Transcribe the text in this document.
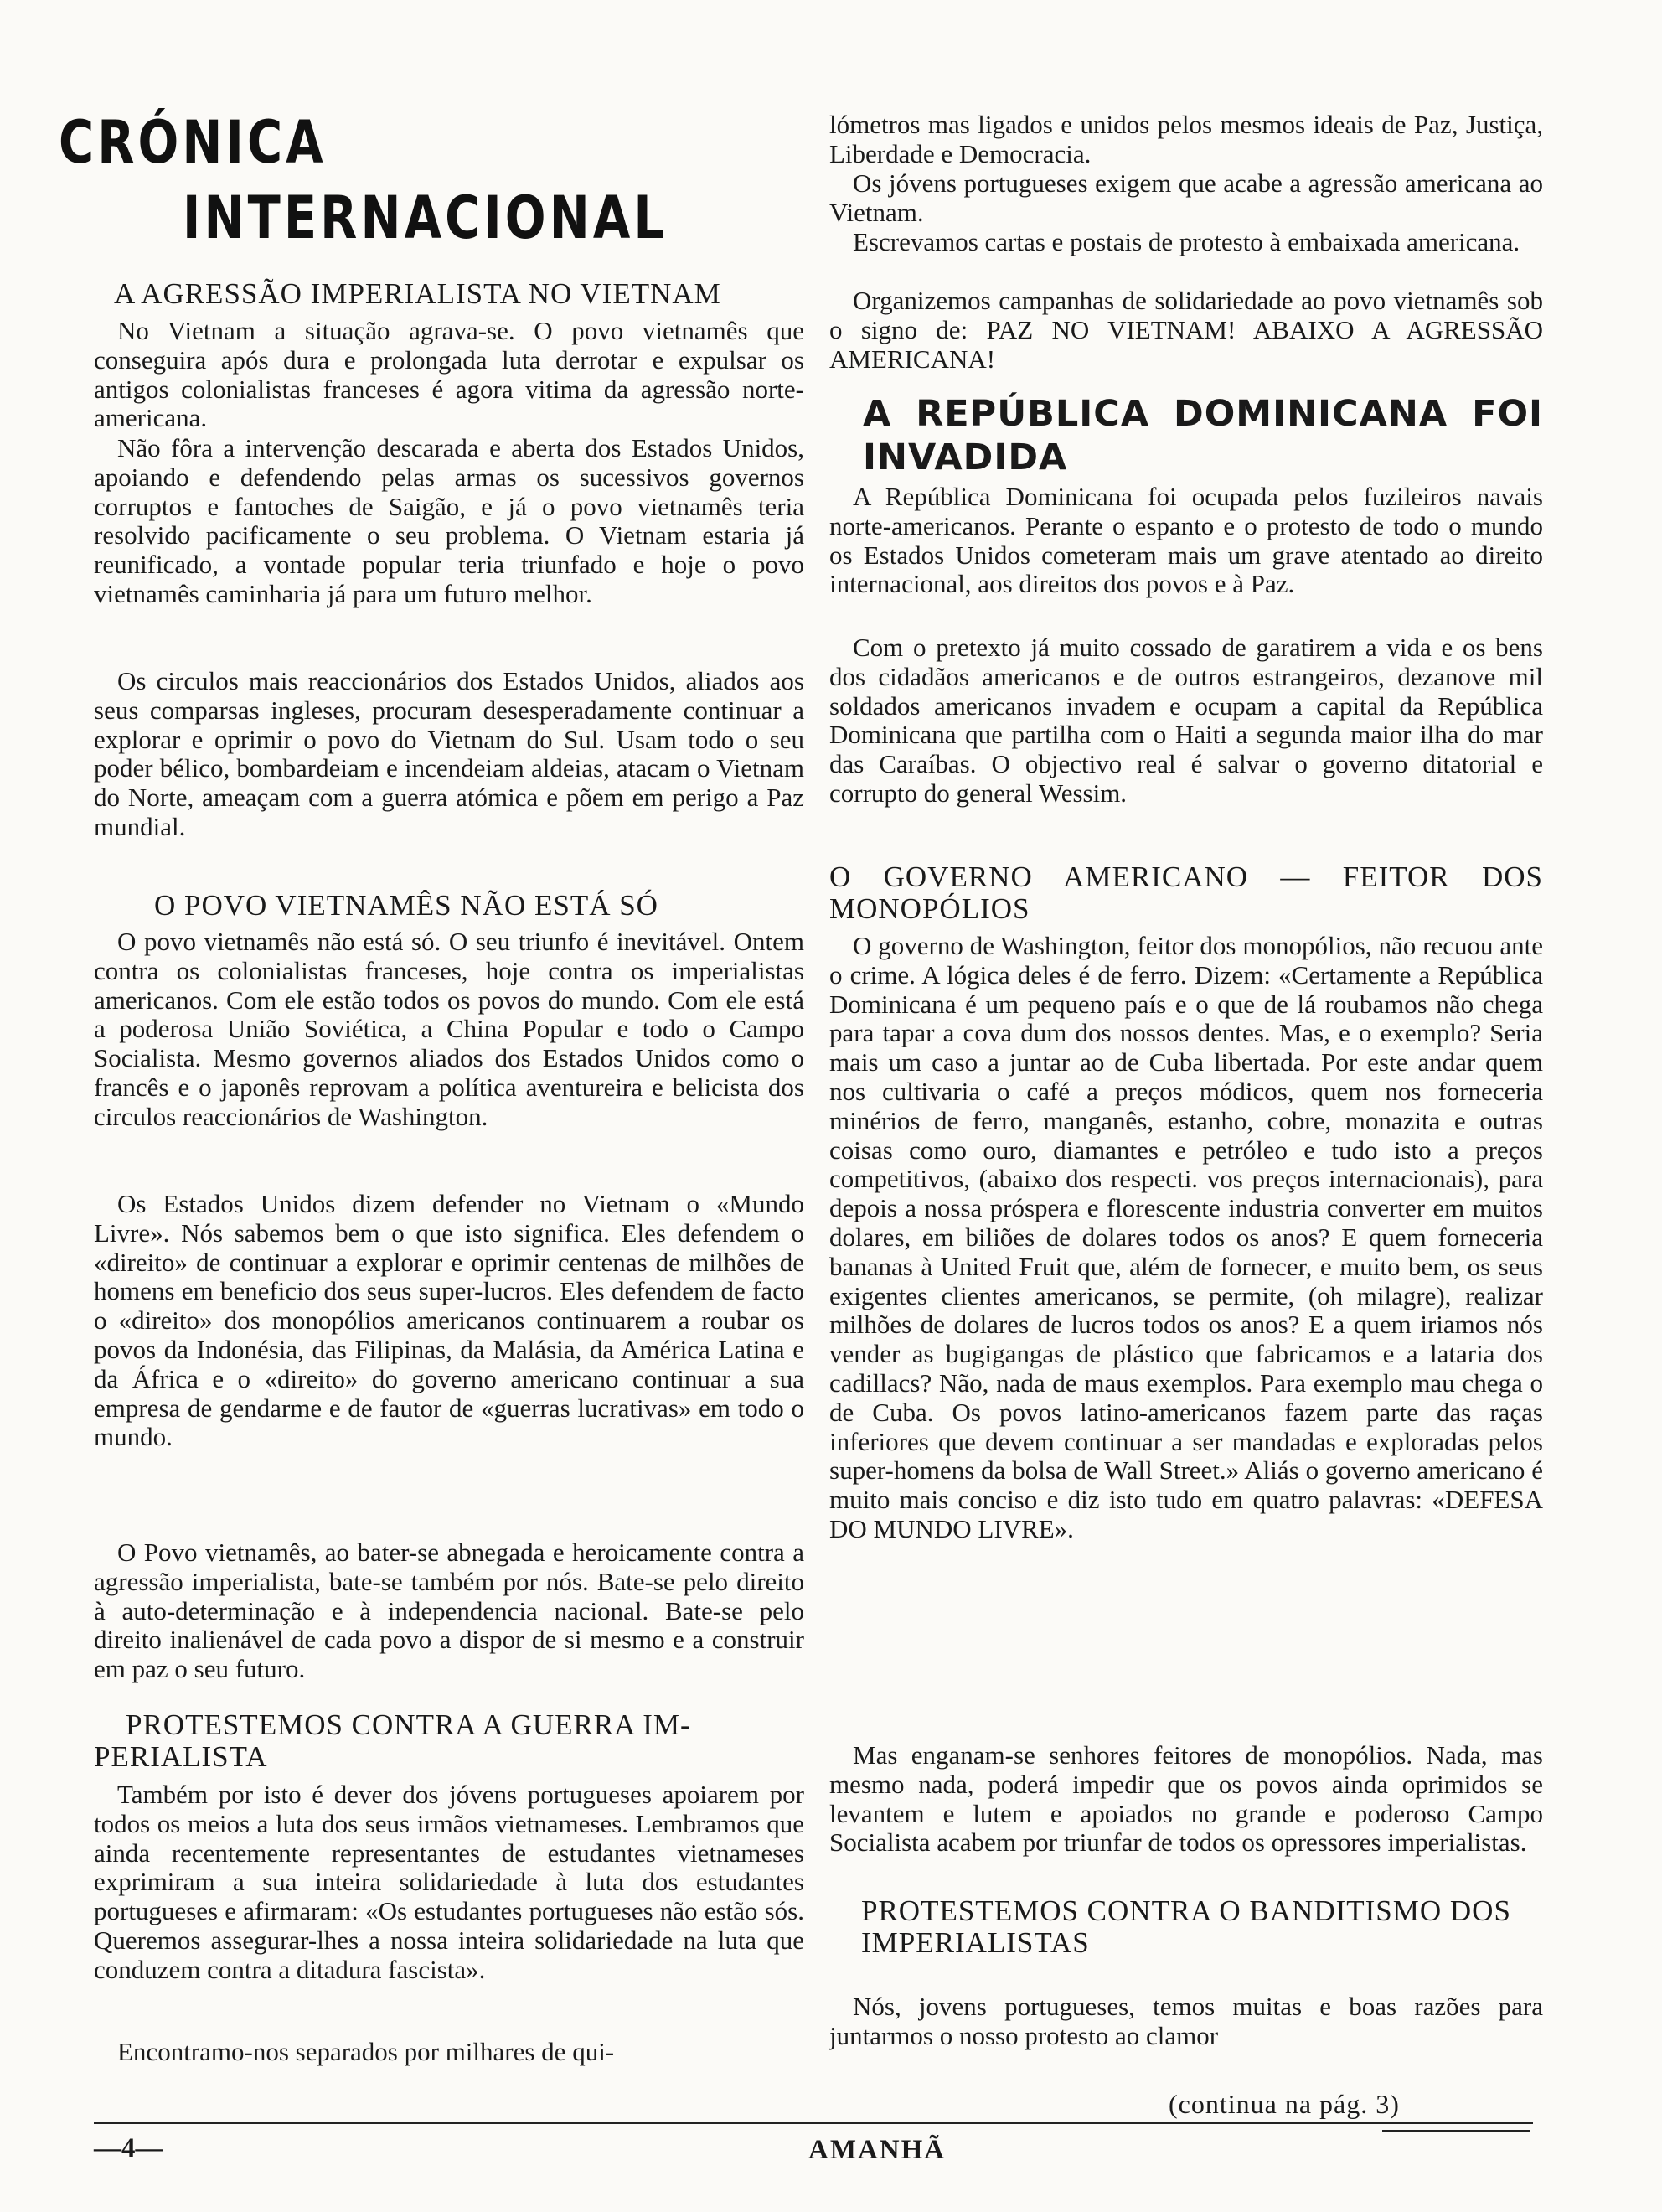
CRÓNICA
INTERNACIONAL
A AGRESSÃO IMPERIALISTA NO VIETNAM

No Vietnam a situação agrava-se. O povo vietnamês que conseguira após dura e prolongada luta derrotar e expulsar os antigos colonialistas franceses é agora vitima da agressão norte-americana.

Não fôra a intervenção descarada e aberta dos Estados Unidos, apoiando e defendendo pelas armas os sucessivos governos corruptos e fantoches de Saigão, e já o povo vietnamês teria resolvido pacificamente o seu problema. O Vietnam estaria já reunificado, a vontade popular teria triunfado e hoje o povo vietnamês caminharia já para um futuro melhor.

Os circulos mais reaccionários dos Estados Unidos, aliados aos seus comparsas ingleses, procuram desesperadamente continuar a explorar e oprimir o povo do Vietnam do Sul. Usam todo o seu poder bélico, bombardeiam e incendeiam aldeias, atacam o Vietnam do Norte, ameaçam com a guerra atómica e põem em perigo a Paz mundial.

O POVO VIETNAMÊS NÃO ESTÁ SÓ

O povo vietnamês não está só. O seu triunfo é inevitável. Ontem contra os colonialistas franceses, hoje contra os imperialistas americanos. Com ele estão todos os povos do mundo. Com ele está a poderosa União Soviética, a China Popular e todo o Campo Socialista. Mesmo governos aliados dos Estados Unidos como o francês e o japonês reprovam a política aventureira e belicista dos circulos reaccionários de Washington.

Os Estados Unidos dizem defender no Vietnam o «Mundo Livre». Nós sabemos bem o que isto significa. Eles defendem o «direito» de continuar a explorar e oprimir centenas de milhões de homens em beneficio dos seus super-lucros. Eles defendem de facto o «direito» dos monopólios americanos continuarem a roubar os povos da Indonésia, das Filipinas, da Malásia, da América Latina e da África e o «direito» do governo americano continuar a sua empresa de gendarme e de fautor de «guerras lucrativas» em todo o mundo.

O Povo vietnamês, ao bater-se abnegada e heroicamente contra a agressão imperialista, bate-se também por nós. Bate-se pelo direito à auto-determinação e à independencia nacional. Bate-se pelo direito inalienável de cada povo a dispor de si mesmo e a construir em paz o seu futuro.

PROTESTEMOS CONTRA A GUERRA IM-
PERIALISTA

Também por isto é dever dos jóvens portugueses apoiarem por todos os meios a luta dos seus irmãos vietnameses. Lembramos que ainda recentemente representantes de estudantes vietnameses exprimiram a sua inteira solidariedade à luta dos estudantes portugueses e afirmaram: «Os estudantes portugueses não estão sós. Queremos assegurar-lhes a nossa inteira solidariedade na luta que conduzem contra a ditadura fascista».

Encontramo-nos separados por milhares de qui-

lómetros mas ligados e unidos pelos mesmos ideais de Paz, Justiça, Liberdade e Democracia.

Os jóvens portugueses exigem que acabe a agressão americana ao Vietnam.

Escrevamos cartas e postais de protesto à embaixada americana.

Organizemos campanhas de solidariedade ao povo vietnamês sob o signo de: PAZ NO VIETNAM! ABAIXO A AGRESSÃO AMERICANA!

A REPÚBLICA DOMINICANA FOI INVADIDA

A República Dominicana foi ocupada pelos fuzileiros navais norte-americanos. Perante o espanto e o protesto de todo o mundo os Estados Unidos cometeram mais um grave atentado ao direito internacional, aos direitos dos povos e à Paz.

Com o pretexto já muito cossado de garatirem a vida e os bens dos cidadãos americanos e de outros estrangeiros, dezanove mil soldados americanos invadem e ocupam a capital da República Dominicana que partilha com o Haiti a segunda maior ilha do mar das Caraíbas. O objectivo real é salvar o governo ditatorial e corrupto do general Wessim.

O GOVERNO AMERICANO — FEITOR DOS MONOPÓLIOS

O governo de Washington, feitor dos monopólios, não recuou ante o crime. A lógica deles é de ferro. Dizem: «Certamente a República Dominicana é um pequeno país e o que de lá roubamos não chega para tapar a cova dum dos nossos dentes. Mas, e o exemplo? Seria mais um caso a juntar ao de Cuba libertada. Por este andar quem nos cultivaria o café a preços módicos, quem nos forneceria minérios de ferro, manganês, estanho, cobre, monazita e outras coisas como ouro, diamantes e petróleo e tudo isto a preços competitivos, (abaixo dos respecti. vos preços internacionais), para depois a nossa próspera e florescente industria converter em muitos dolares, em biliões de dolares todos os anos? E quem forneceria bananas à United Fruit que, além de fornecer, e muito bem, os seus exigentes clientes americanos, se permite, (oh milagre), realizar milhões de dolares de lucros todos os anos? E a quem iriamos nós vender as bugigangas de plástico que fabricamos e a lataria dos cadillacs? Não, nada de maus exemplos. Para exemplo mau chega o de Cuba. Os povos latino-americanos fazem parte das raças inferiores que devem continuar a ser mandadas e exploradas pelos super-homens da bolsa de Wall Street.» Aliás o governo americano é muito mais conciso e diz isto tudo em quatro palavras: «DEFESA DO MUNDO LIVRE».

Mas enganam-se senhores feitores de monopólios. Nada, mas mesmo nada, poderá impedir que os povos ainda oprimidos se levantem e lutem e apoiados no grande e poderoso Campo Socialista acabem por triunfar de todos os opressores imperialistas.

PROTESTEMOS CONTRA O BANDITISMO DOS IMPERIALISTAS

Nós, jovens portugueses, temos muitas e boas razões para juntarmos o nosso protesto ao clamor

(continua na pág. 3)
—4—	AMANHÃ
